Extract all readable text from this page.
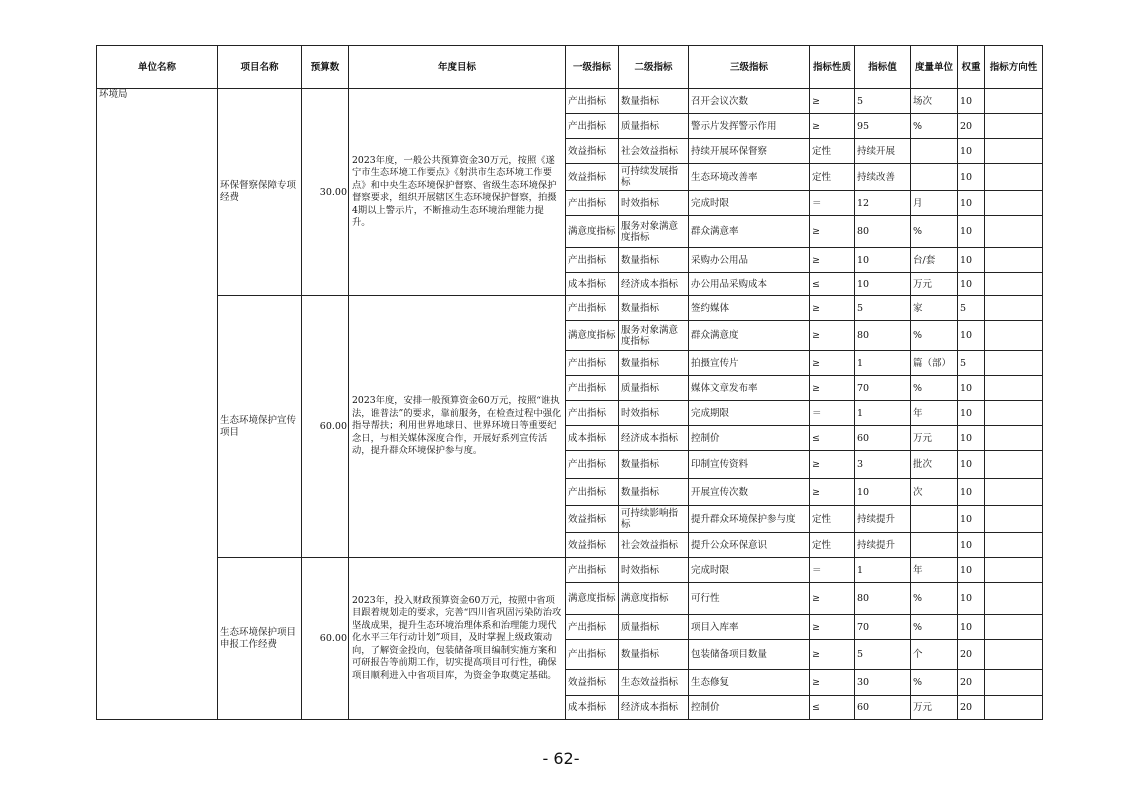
单位名称	项目名称	预算数	年度目标	一级指标	二级指标	三级指标	指标性质	指标值	度量单位	权重	指标方向性
环境局	环保督察保障专项经费	30.00	2023年度，一般公共预算资金30万元，按照《遂宁市生态环境工作要点》《射洪市生态环境工作要点》和中央生态环境保护督察、省级生态环境保护督察要求，组织开展辖区生态环境保护督察，拍摄4期以上警示片，不断推动生态环境治理能力提升。	产出指标	数量指标	召开会议次数	≥	5	场次	10	
				产出指标	质量指标	警示片发挥警示作用	≥	95	%	20	
				效益指标	社会效益指标	持续开展环保督察	定性	持续开展		10	
				效益指标	可持续发展指标	生态环境改善率	定性	持续改善		10	
				产出指标	时效指标	完成时限	＝	12	月	10	
				满意度指标	服务对象满意度指标	群众满意率	≥	80	%	10	
				产出指标	数量指标	采购办公用品	≥	10	台/套	10	
				成本指标	经济成本指标	办公用品采购成本	≤	10	万元	10	
	生态环境保护宣传项目	60.00	2023年度，安排一般预算资金60万元，按照“谁执法，谁普法”的要求，靠前服务，在检查过程中强化指导帮扶；利用世界地球日、世界环境日等重要纪念日，与相关媒体深度合作，开展好系列宣传活动，提升群众环境保护参与度。	产出指标	数量指标	签约媒体	≥	5	家	5	
				满意度指标	服务对象满意度指标	群众满意度	≥	80	%	10	
				产出指标	数量指标	拍摄宣传片	≥	1	篇（部）	5	
				产出指标	质量指标	媒体文章发布率	≥	70	%	10	
				产出指标	时效指标	完成期限	＝	1	年	10	
				成本指标	经济成本指标	控制价	≤	60	万元	10	
				产出指标	数量指标	印制宣传资料	≥	3	批次	10	
				产出指标	数量指标	开展宣传次数	≥	10	次	10	
				效益指标	可持续影响指标	提升群众环境保护参与度	定性	持续提升		10	
				效益指标	社会效益指标	提升公众环保意识	定性	持续提升		10	
	生态环境保护项目申报工作经费	60.00	2023年，投入财政预算资金60万元，按照中省项目跟着规划走的要求，完善“四川省巩固污染防治攻坚战成果，提升生态环境治理体系和治理能力现代化水平三年行动计划”项目，及时掌握上级政策动向，了解资金投向，包装储备项目编制实施方案和可研报告等前期工作，切实提高项目可行性，确保项目顺利进入中省项目库，为资金争取奠定基础。	产出指标	时效指标	完成时限	＝	1	年	10	
				满意度指标	满意度指标	可行性	≥	80	%	10	
				产出指标	质量指标	项目入库率	≥	70	%	10	
				产出指标	数量指标	包装储备项目数量	≥	5	个	20	
				效益指标	生态效益指标	生态修复	≥	30	%	20	
				成本指标	经济成本指标	控制价	≤	60	万元	20	
- 62-
